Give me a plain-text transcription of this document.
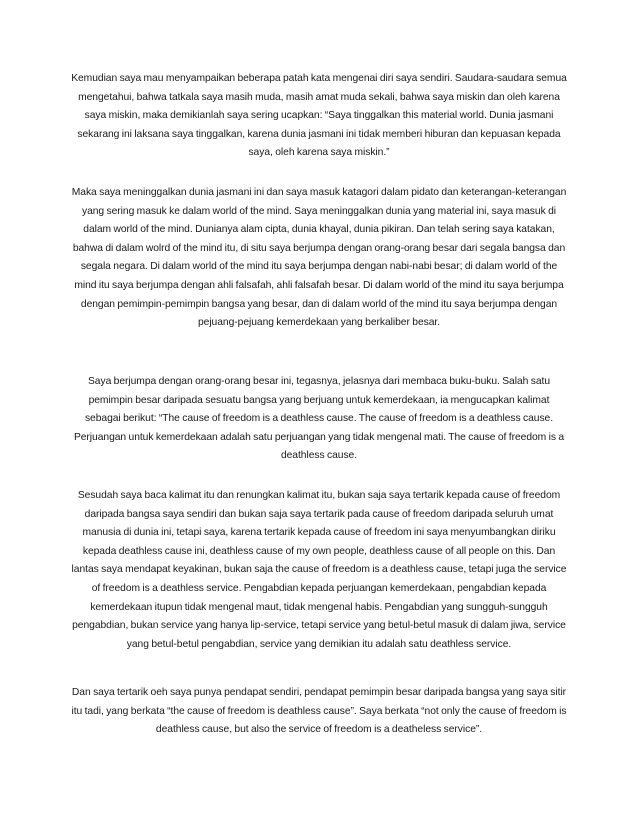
Kemudian saya mau menyampaikan beberapa patah kata mengenai diri saya sendiri. Saudara-saudara semua mengetahui, bahwa tatkala saya masih muda, masih amat muda sekali, bahwa saya miskin dan oleh karena saya miskin, maka demikianlah saya sering ucapkan: “Saya tinggalkan this material world. Dunia jasmani sekarang ini laksana saya tinggalkan, karena dunia jasmani ini tidak memberi hiburan dan kepuasan kepada saya, oleh karena saya miskin.”

Maka saya meninggalkan dunia jasmani ini dan saya masuk katagori dalam pidato dan keterangan-keterangan yang sering masuk ke dalam world of the mind. Saya meninggalkan dunia yang material ini, saya masuk di dalam world of the mind. Dunianya alam cipta, dunia khayal, dunia pikiran. Dan telah sering saya katakan, bahwa di dalam wolrd of the mind itu, di situ saya berjumpa dengan orang-orang besar dari segala bangsa dan segala negara. Di dalam world of the mind itu saya berjumpa dengan nabi-nabi besar; di dalam world of the mind itu saya berjumpa dengan ahli falsafah, ahli falsafah besar. Di dalam world of the mind itu saya berjumpa dengan pemimpin-pemimpin bangsa yang besar, dan di dalam world of the mind itu saya berjumpa dengan pejuang-pejuang kemerdekaan yang berkaliber besar.

Saya berjumpa dengan orang-orang besar ini, tegasnya, jelasnya dari membaca buku-buku. Salah satu pemimpin besar daripada sesuatu bangsa yang berjuang untuk kemerdekaan, ia mengucapkan kalimat sebagai berikut: “The cause of freedom is a deathless cause. The cause of freedom is a deathless cause. Perjuangan untuk kemerdekaan adalah satu perjuangan yang tidak mengenal mati. The cause of freedom is a deathless cause.

Sesudah saya baca kalimat itu dan renungkan kalimat itu, bukan saja saya tertarik kepada cause of freedom daripada bangsa saya sendiri dan bukan saja saya tertarik pada cause of freedom daripada seluruh umat manusia di dunia ini, tetapi saya, karena tertarik kepada cause of freedom ini saya menyumbangkan diriku kepada deathless cause ini, deathless cause of my own people, deathless cause of all people on this. Dan lantas saya mendapat keyakinan, bukan saja the cause of freedom is a deathless cause, tetapi juga the service of freedom is a deathless service. Pengabdian kepada perjuangan kemerdekaan, pengabdian kepada kemerdekaan itupun tidak mengenal maut, tidak mengenal habis. Pengabdian yang sungguh-sungguh pengabdian, bukan service yang hanya lip-service, tetapi service yang betul-betul masuk di dalam jiwa, service yang betul-betul pengabdian, service yang demikian itu adalah satu deathless service.

Dan saya tertarik oeh saya punya pendapat sendiri, pendapat pemimpin besar daripada bangsa yang saya sitir itu tadi, yang berkata “the cause of freedom is deathless cause”. Saya berkata “not only the cause of freedom is deathless cause, but also the service of freedom is a deatheless service”.
